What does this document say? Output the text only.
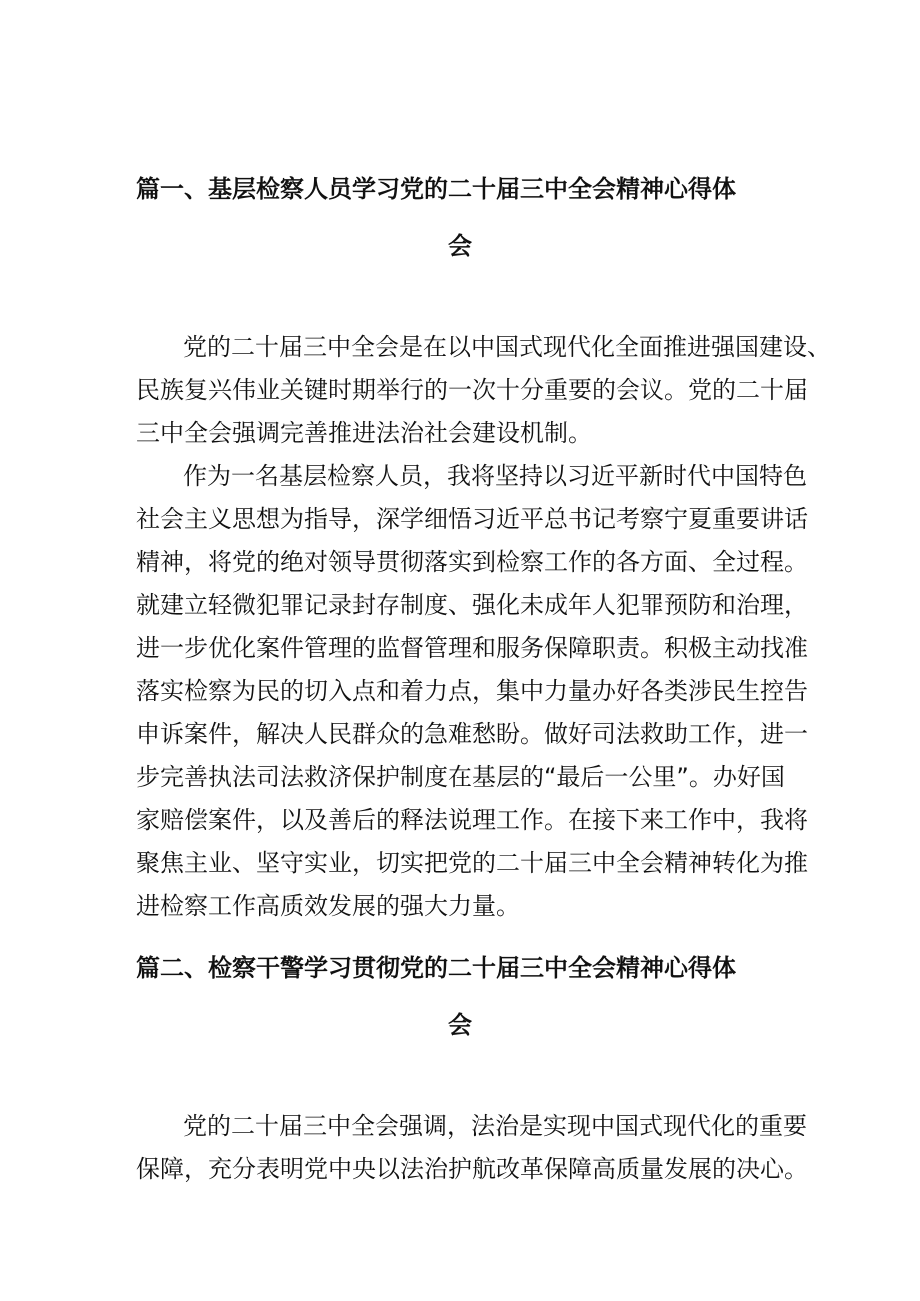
篇一、基层检察人员学习党的二十届三中全会精神心得体
会

党的二十届三中全会是在以中国式现代化全面推进强国建设、

民族复兴伟业关键时期举行的一次十分重要的会议。党的二十届

三中全会强调完善推进法治社会建设机制。

作为一名基层检察人员，我将坚持以习近平新时代中国特色

社会主义思想为指导，深学细悟习近平总书记考察宁夏重要讲话

精神，将党的绝对领导贯彻落实到检察工作的各方面、全过程。

就建立轻微犯罪记录封存制度、强化未成年人犯罪预防和治理，

进一步优化案件管理的监督管理和服务保障职责。积极主动找准

落实检察为民的切入点和着力点，集中力量办好各类涉民生控告

申诉案件，解决人民群众的急难愁盼。做好司法救助工作，进一

步完善执法司法救济保护制度在基层的“最后一公里”。办好国

家赔偿案件，以及善后的释法说理工作。在接下来工作中，我将

聚焦主业、坚守实业，切实把党的二十届三中全会精神转化为推

进检察工作高质效发展的强大力量。

篇二、检察干警学习贯彻党的二十届三中全会精神心得体
会

党的二十届三中全会强调，法治是实现中国式现代化的重要

保障，充分表明党中央以法治护航改革保障高质量发展的决心。
